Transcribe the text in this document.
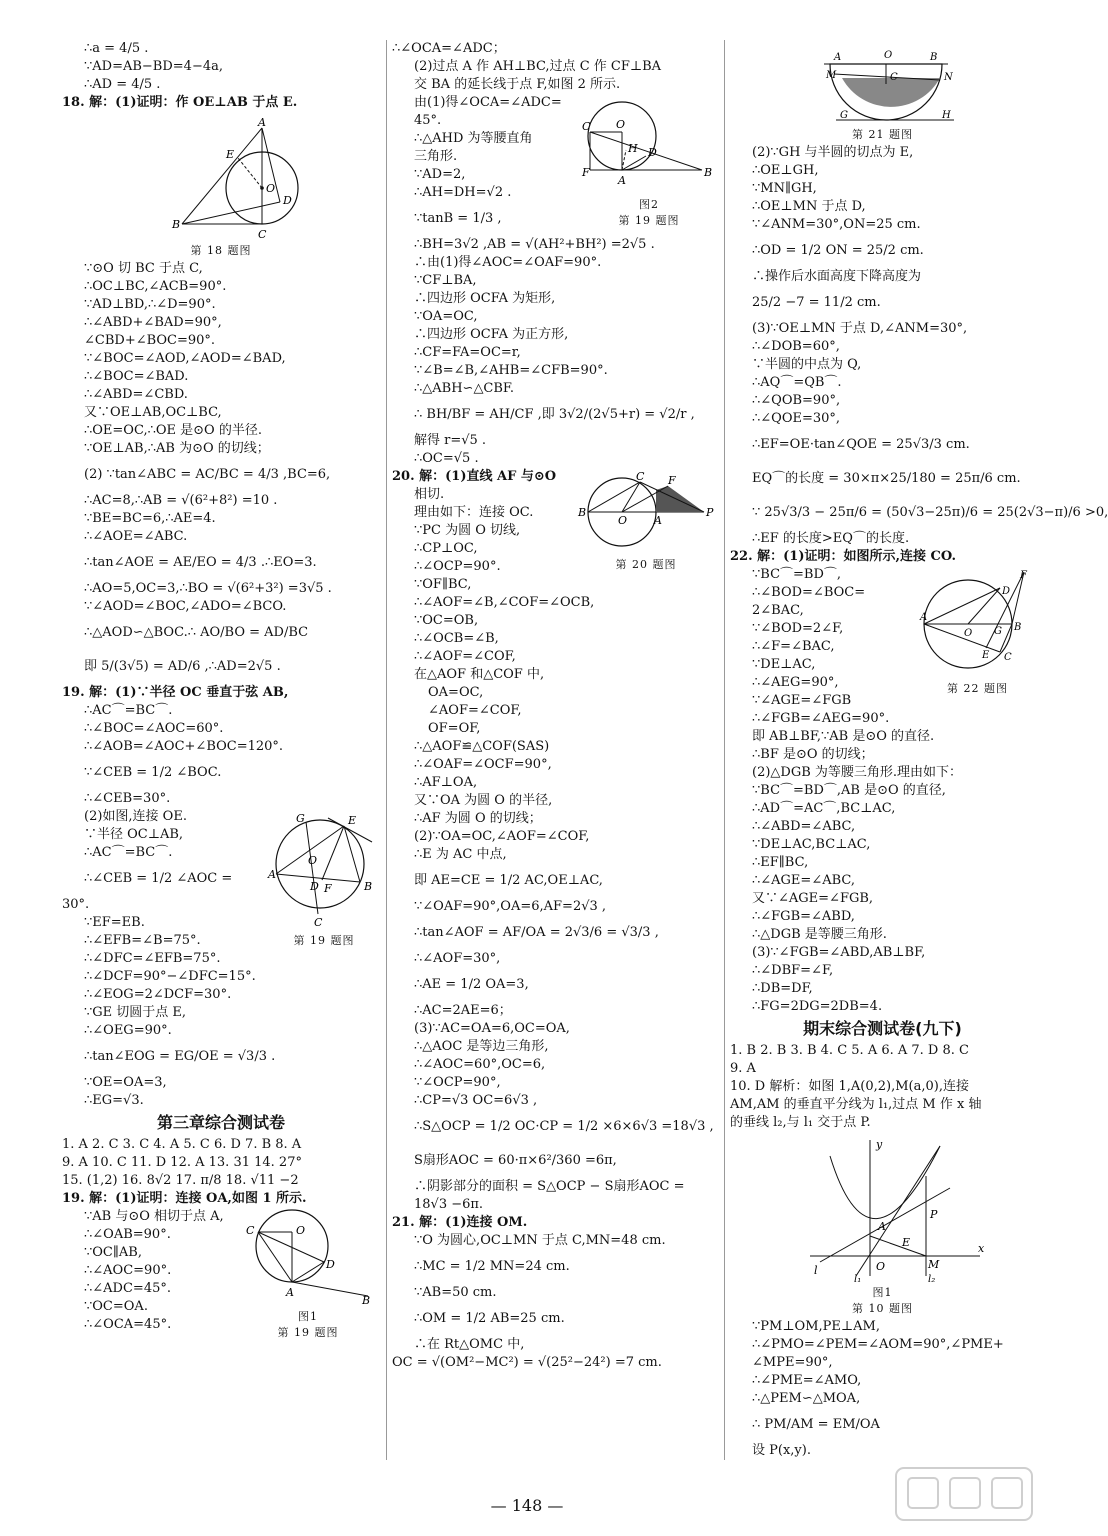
∴a = 4/5 .
∵AD=AB−BD=4−4a,
∴AD = 4/5 .
18. 解：(1)证明：作 OE⊥AB 于点 E.
A
B
C
D
E
O
第 18 题图
∵⊙O 切 BC 于点 C,
∴OC⊥BC,∠ACB=90°.
∵AD⊥BD,∴∠D=90°.
∴∠ABD+∠BAD=90°,
∠CBD+∠BOC=90°.
∵∠BOC=∠AOD,∠AOD=∠BAD,
∴∠BOC=∠BAD.
∴∠ABD=∠CBD.
又∵OE⊥AB,OC⊥BC,
∴OE=OC,∴OE 是⊙O 的半径.
∵OE⊥AB,∴AB 为⊙O 的切线；
(2) ∵tan∠ABC = AC/BC = 4/3 ,BC=6,
∴AC=8,∴AB = √(6²+8²) =10 .
∵BE=BC=6,∴AE=4.
∴∠AOE=∠ABC.
∴tan∠AOE = AE/EO = 4/3 .∴EO=3.
∴AO=5,OC=3,∴BO = √(6²+3²) =3√5 .
∵∠AOD=∠BOC,∠ADO=∠BCO.
∴△AOD∽△BOC.∴ AO/BO = AD/BC
即 5/(3√5) = AD/6 ,∴AD=2√5 .
19. 解：(1)∵半径 OC 垂直于弦 AB,
∴AC⌒=BC⌒.
∴∠BOC=∠AOC=60°.
∴∠AOB=∠AOC+∠BOC=120°.
∵∠CEB = 1/2 ∠BOC.
∴∠CEB=30°.
(2)如图,连接 OE.
∵半径 OC⊥AB,
∴AC⌒=BC⌒.
∴∠CEB = 1/2 ∠AOC =
30°.
∵EF=EB.
∴∠EFB=∠B=75°.
∴∠DFC=∠EFB=75°.
∴∠DCF=90°−∠DFC=15°.
∴∠EOG=2∠DCF=30°.
∵GE 切圆于点 E,
∴∠OEG=90°.
∴tan∠EOG = EG/OE = √3/3 .
∵OE=OA=3,
∴EG=√3.
G	E
O
A
B
D F
C
第 19 题图
第三章综合测试卷
1. A 2. C 3. C 4. A 5. C 6. D 7. B 8. A
9. A 10. C 11. D 12. A 13. 31 14. 27°
15. (1,2) 16. 8√2 17. π/8 18. √11 −2
19. 解：(1)证明：连接 OA,如图 1 所示.
∵AB 与⊙O 相切于点 A,
∴∠OAB=90°.
∵OC∥AB,
∴∠AOC=90°.
∴∠ADC=45°.
∵OC=OA.
∴∠OCA=45°.
C	O
D
A
B
图1
第 19 题图
∴∠OCA=∠ADC；
(2)过点 A 作 AH⊥BC,过点 C 作 CF⊥BA
交 BA 的延长线于点 F,如图 2 所示.
由(1)得∠OCA=∠ADC=
45°.
∴△AHD 为等腰直角
三角形.
∵AD=2,
∴AH=DH=√2 .
∵tanB = 1/3 ,
∴BH=3√2 ,AB = √(AH²+BH²) =2√5 .
∴由(1)得∠AOC=∠OAF=90°.
∵CF⊥BA,
∴四边形 OCFA 为矩形,
∵OA=OC,
∴四边形 OCFA 为正方形,
∴CF=FA=OC=r,
∵∠B=∠B,∠AHB=∠CFB=90°.
∴△ABH∽△CBF.
∴ BH/BF = AH/CF ,即 3√2/(2√5+r) = √2/r ,
解得 r=√5 .
∴OC=√5 .
C
F
O
H D
A
B
图2
第 19 题图
20. 解：(1)直线 AF 与⊙O
相切.
理由如下：连接 OC.
∵PC 为圆 O 切线,
∴CP⊥OC,
∴∠OCP=90°.
∵OF∥BC,
∴∠AOF=∠B,∠COF=∠OCB,
∵OC=OB,
∴∠OCB=∠B,
∴∠AOF=∠COF,
在△AOF 和△COF 中,
OA=OC,
∠AOF=∠COF,
OF=OF,
∴△AOF≌△COF(SAS)
∴∠OAF=∠OCF=90°,
∴AF⊥OA,
又∵OA 为圆 O 的半径,
∴AF 为圆 O 的切线；
(2)∵OA=OC,∠AOF=∠COF,
∴E 为 AC 中点,
即 AE=CE = 1/2 AC,OE⊥AC,
∵∠OAF=90°,OA=6,AF=2√3 ,
∴tan∠AOF = AF/OA = 2√3/6 = √3/3 ,
∴∠AOF=30°,
∴AE = 1/2 OA=3,
∴AC=2AE=6；
(3)∵AC=OA=6,OC=OA,
∴△AOC 是等边三角形,
∴∠AOC=60°,OC=6,
∵∠OCP=90°,
∴CP=√3 OC=6√3 ,
∴S△OCP = 1/2 OC·CP = 1/2 ×6×6√3 =18√3 ,
S扇形AOC = 60·π×6²/360 =6π,
∴阴影部分的面积 = S△OCP − S扇形AOC =
18√3 −6π.
B
C F
O A
P
第 20 题图
21. 解：(1)连接 OM.
∵O 为圆心,OC⊥MN 于点 C,MN=48 cm.
∴MC = 1/2 MN=24 cm.
∵AB=50 cm.
∴OM = 1/2 AB=25 cm.
∴在 Rt△OMC 中,
OC = √(OM²−MC²) = √(25²−24²) =7 cm.
A	O	B
M	N
C
G	H
第 21 题图
(2)∵GH 与半圆的切点为 E,
∴OE⊥GH,
∵MN∥GH,
∴OE⊥MN 于点 D,
∵∠ANM=30°,ON=25 cm.
∴OD = 1/2 ON = 25/2 cm.
∴操作后水面高度下降高度为
25/2 −7 = 11/2 cm.
(3)∵OE⊥MN 于点 D,∠ANM=30°,
∴∠DOB=60°,
∵半圆的中点为 Q,
∴AQ⌒=QB⌒.
∴∠QOB=90°,
∴∠QOE=30°,
∴EF=OE·tan∠QOE = 25√3/3 cm.
EQ⌒的长度 = 30×π×25/180 = 25π/6 cm.
∵ 25√3/3 − 25π/6 = (50√3−25π)/6 = 25(2√3−π)/6 >0,
∴EF 的长度>EQ⌒的长度.
22. 解：(1)证明：如图所示,连接 CO.
∵BC⌒=BD⌒,
∴∠BOD=∠BOC=
2∠BAC,
∵∠BOD=2∠F,
∴∠F=∠BAC,
∵DE⊥AC,
∴∠AEG=90°,
∵∠AGE=∠FGB
∴∠FGB=∠AEG=90°.
即 AB⊥BF,∵AB 是⊙O 的直径.
∴BF 是⊙O 的切线；
(2)△DGB 为等腰三角形.理由如下：
∵BC⌒=BD⌒,AB 是⊙O 的直径,
∴AD⌒=AC⌒,BC⊥AC,
∴∠ABD=∠ABC,
∵DE⊥AC,BC⊥AC,
∴EF∥BC,
∴∠AGE=∠ABC,
又∵∠AGE=∠FGB,
∴∠FGB=∠ABD,
∴△DGB 是等腰三角形.
(3)∵∠FGB=∠ABD,AB⊥BF,
∴∠DBF=∠F,
∴DB=DF,
∴FG=2DG=2DB=4.
F
D
A
O G B
E C
第 22 题图
期末综合测试卷(九下)
1. B 2. B 3. B 4. C 5. A 6. A 7. D 8. C
9. A
10. D 解析：如图 1,A(0,2),M(a,0),连接
AM,AM 的垂直平分线为 l₁,过点 M 作 x 轴
的垂线 l₂,与 l₁ 交于点 P.
x
y
A
O	M
P
E
l
l₁	l₂
图1
第 10 题图
∵PM⊥OM,PE⊥AM,
∴∠PMO=∠PEM=∠AOM=90°,∠PME+
∠MPE=90°,
∴∠PME=∠AMO,
∴△PEM∽△MOA,
∴ PM/AM = EM/OA
设 P(x,y).
— 148 —
